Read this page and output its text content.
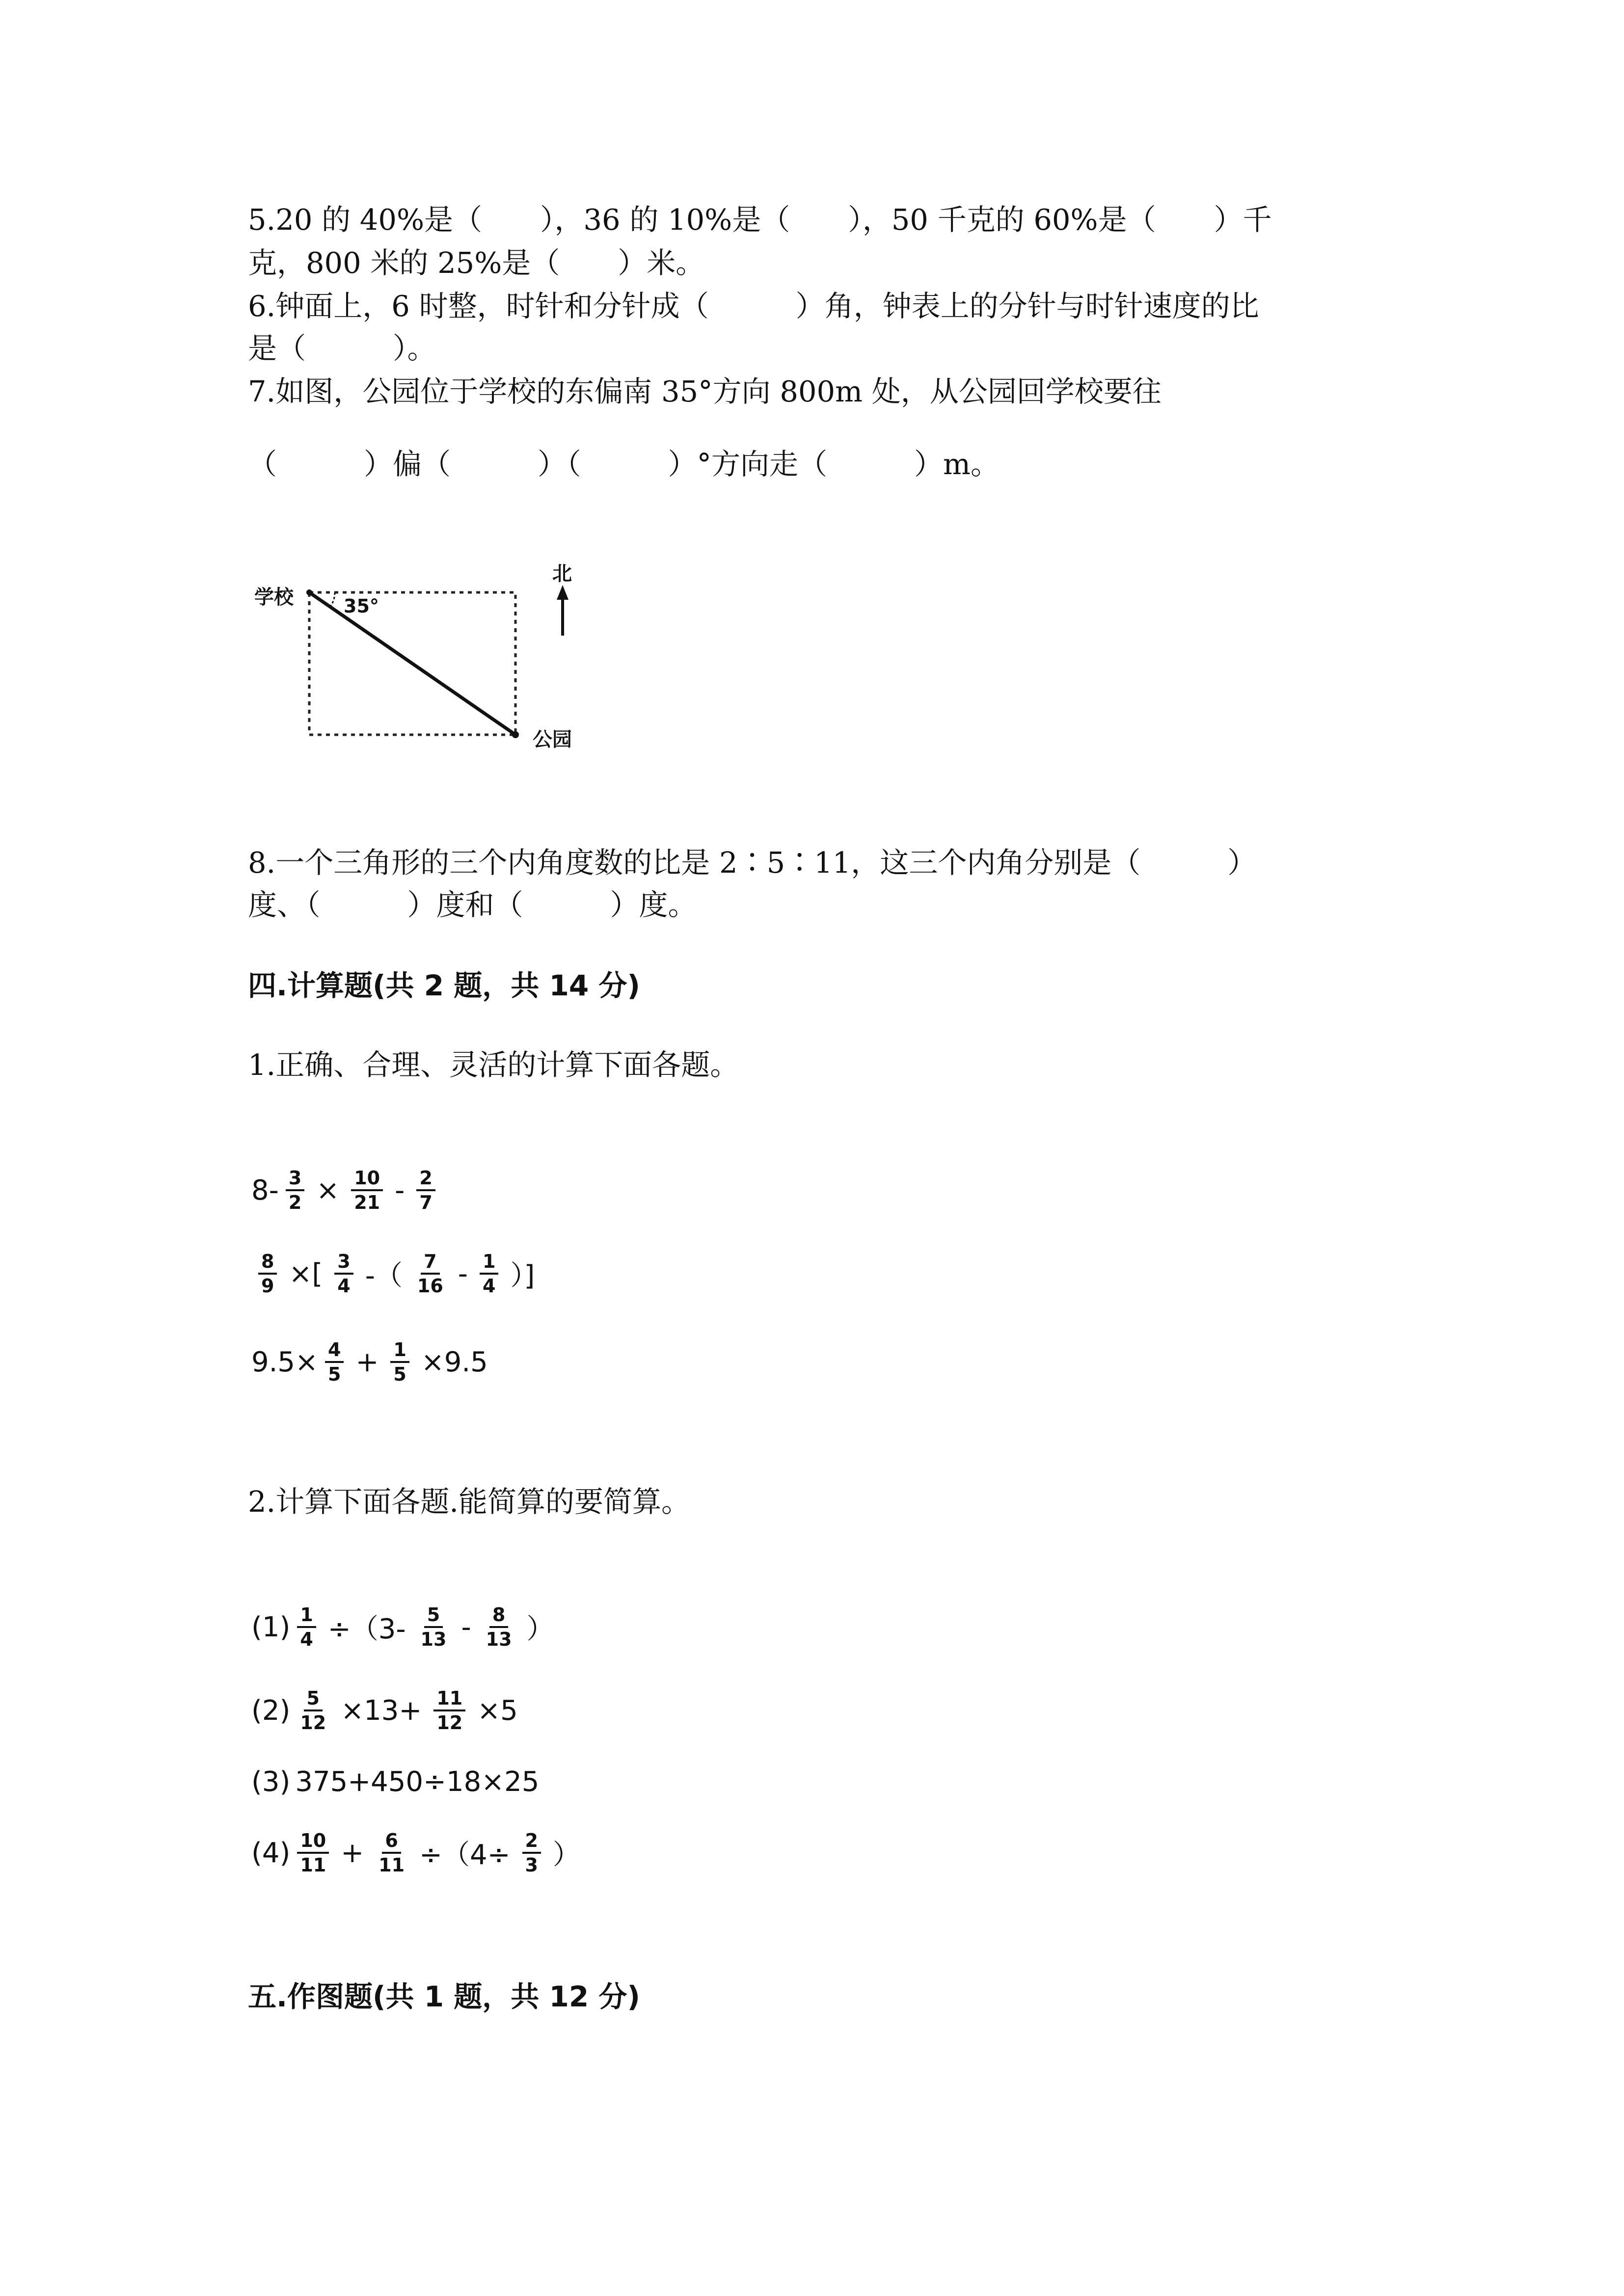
5.20 的 40%是（　　），36 的 10%是（　　），50 千克的 60%是（　　）千
克，800 米的 25%是（　　）米。
6.钟面上，6 时整，时针和分针成（　　　）角，钟表上的分针与时针速度的比
是（　　　）。
7.如图，公园位于学校的东偏南 35°方向 800m 处，从公园回学校要往
（　　　）偏（　　　）（　　　）°方向走（　　　）m。
学校	35°
公园
北
8.一个三角形的三个内角度数的比是 2∶5∶11，这三个内角分别是（　　　）
度、（　　　）度和（　　　）度。
四.计算题(共 2 题，共 14 分)
1.正确、合理、灵活的计算下面各题。
$8- \frac{3}{2} \times \frac{10}{21} - \frac{2}{7}$
$\frac{8}{9}$ ×[ $\frac{3}{4}$ -（ $\frac{7}{16} - \frac{1}{4}$ ）]
$9.5\times \frac{4}{5} + \frac{1}{5} \times 9.5$
2.计算下面各题.能简算的要简算。
$(1) \frac{1}{4} \div(3- \frac{5}{13} - \frac{8}{13}$ ）
$(2) \frac{5}{12} \times 13+ \frac{11}{12} \times 5$
(3) 375+450÷18×25
$(4) \frac{10}{11} + \frac{6}{11} \div(4\div \frac{2}{3}$ ）
五.作图题(共 1 题，共 12 分)
